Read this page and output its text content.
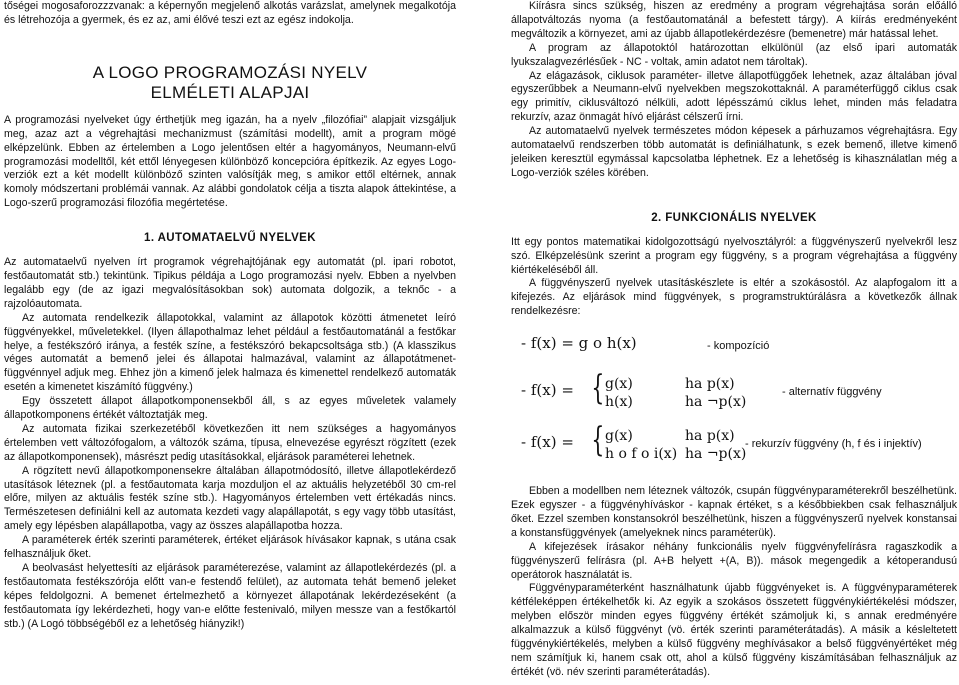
tőségei mogosaforozzzvanak: a képernyőn megjelenő alkotás varázslat, amelynek megalkotója és létrehozója a gyermek, és ez az, ami élővé teszi ezt az egész indokolja.

A LOGO PROGRAMOZÁSI NYELV
ELMÉLETI ALAPJAI

A programozási nyelveket úgy érthetjük meg igazán, ha a nyelv „filozófiai” alapjait vizsgáljuk meg, azaz azt a végrehajtási mechanizmust (számítási modellt), amit a program mögé elképzelünk. Ebben az értelemben a Logo jelentősen eltér a hagyományos, Neumann-elvű programozási modelltől, két ettől lényegesen különböző koncepcióra építkezik. Az egyes Logo-verziók ezt a két modellt különböző szinten valósítják meg, s amikor ettől eltérnek, annak komoly módszertani problémái vannak. Az alábbi gondolatok célja a tiszta alapok áttekintése, a Logo-szerű programozási filozófia megértetése.

1. AUTOMATAELVŰ NYELVEK

Az automataelvű nyelven írt programok végrehajtójának egy automatát (pl. ipari robotot, festőautomatát stb.) tekintünk. Tipikus példája a Logo programozási nyelv. Ebben a nyelvben legalább egy (de az igazi megvalósításokban sok) automata dolgozik, a teknőc - a rajzolóautomata.

Az automata rendelkezik állapotokkal, valamint az állapotok közötti átmenetet leíró függvényekkel, műveletekkel. (Ilyen állapothalmaz lehet például a festőautomatánál a festőkar helye, a festékszóró iránya, a festék színe, a festékszóró bekapcsoltsága stb.) (A klasszikus véges automatát a bemenő jelei és állapotai halmazával, valamint az állapotátmenet-függvénnyel adjuk meg. Ehhez jön a kimenő jelek halmaza és kimenettel rendelkező automaták esetén a kimenetet kiszámító függvény.)

Egy összetett állapot állapotkomponensekből áll, s az egyes műveletek valamely állapotkomponens értékét változtatják meg.

Az automata fizikai szerkezetéből következően itt nem szükséges a hagyományos értelemben vett változófogalom, a változók száma, típusa, elnevezése egyrészt rögzített (ezek az állapotkomponensek), másrészt pedig utasításokkal, eljárások paraméterei lehetnek.

A rögzített nevű állapotkomponensekre általában állapotmódosító, illetve állapotlekérdező utasítások léteznek (pl. a festőautomata karja mozduljon el az aktuális helyzetéből 30 cm-rel előre, milyen az aktuális festék színe stb.). Hagyományos értelemben vett értékadás nincs. Természetesen definiálni kell az automata kezdeti vagy alapállapotát, s egy vagy több utasítást, amely egy lépésben alapállapotba, vagy az összes alapállapotba hozza.

A paraméterek érték szerinti paraméterek, értéket eljárások hívásakor kapnak, s utána csak felhasználjuk őket.

A beolvasást helyettesíti az eljárások paraméterezése, valamint az állapotlekérdezés (pl. a festőautomata festékszórója előtt van-e festendő felület), az automata tehát bemenő jeleket képes feldolgozni. A bemenet értelmezhető a környezet állapotának lekérdezéseként (a festőautomata így lekérdezheti, hogy van-e előtte festenivaló, milyen messze van a festőkartól stb.) (A Logó többségéből ez a lehetőség hiányzik!)

Kiírásra sincs szükség, hiszen az eredmény a program végrehajtása során előálló állapotváltozás nyoma (a festőautomatánál a befestett tárgy). A kiírás eredményeként megváltozik a környezet, ami az újabb állapotlekérdezésre (bemenetre) már hatással lehet.

A program az állapotoktól határozottan elkülönül (az első ipari automaták lyukszalagvezérlésűek - NC - voltak, amin adatot nem tároltak).

Az elágazások, ciklusok paraméter- illetve állapotfüggőek lehetnek, azaz általában jóval egyszerűbbek a Neumann-elvű nyelvekben megszokottaknál. A paraméterfüggő ciklus csak egy primitív, ciklusváltozó nélküli, adott lépésszámú ciklus lehet, minden más feladatra rekurzív, azaz önmagát hívó eljárást célszerű írni.

Az automataelvű nyelvek természetes módon képesek a párhuzamos végrehajtásra. Egy automataelvű rendszerben több automatát is definiálhatunk, s ezek bemenő, illetve kimenő jeleiken keresztül egymással kapcsolatba léphetnek. Ez a lehetőség is kihasználatlan még a Logo-verziók széles körében.

2. FUNKCIONÁLIS NYELVEK

Itt egy pontos matematikai kidolgozottságú nyelvosztályról: a függvényszerű nyelvekről lesz szó. Elképzelésünk szerint a program egy függvény, s a program végrehajtása a függvény kiértékeléséből áll.

A függvényszerű nyelvek utasításkészlete is eltér a szokásostól. Az alapfogalom itt a kifejezés. Az eljárások mind függvények, s programstruktúrálásra a következők állnak rendelkezésre:

- f(x) = g o h(x)	- kompozíció
- f(x) = { g(x)	ha p(x)
h(x)	ha ¬p(x)
- alternatív függvény
- f(x) = { g(x)	ha p(x)
h o f o i(x) ha ¬p(x)
- rekurzív függvény (h, f és i injektív)

Ebben a modellben nem léteznek változók, csupán függvényparaméterekről beszélhetünk. Ezek egyszer - a függvényhíváskor - kapnak értéket, s a későbbiekben csak felhasználjuk őket. Ezzel szemben konstansokról beszélhetünk, hiszen a függvényszerű nyelvek konstansai a konstansfüggvények (amelyeknek nincs paraméterük).

A kifejezések írásakor néhány funkcionális nyelv függvényfelírásra ragaszkodik a függvényszerű felírásra (pl. A+B helyett +(A, B)). mások megengedik a kétoperandusú operátorok használatát is.

Függvényparaméterként használhatunk újabb függvényeket is. A függvényparaméterek kétféleképpen értékelhetők ki. Az egyik a szokásos összetett függvénykiértékelési módszer, melyben először minden egyes függvény értékét számoljuk ki, s annak eredményére alkalmazzuk a külső függvényt (vö. érték szerinti paraméterátadás). A másik a késleltetett függvénykiértékelés, melyben a külső függvény meghívásakor a belső függvényértéket még nem számítjuk ki, hanem csak ott, ahol a külső függvény kiszámításában felhasználjuk az értékét (vö. név szerinti paraméterátadás).
